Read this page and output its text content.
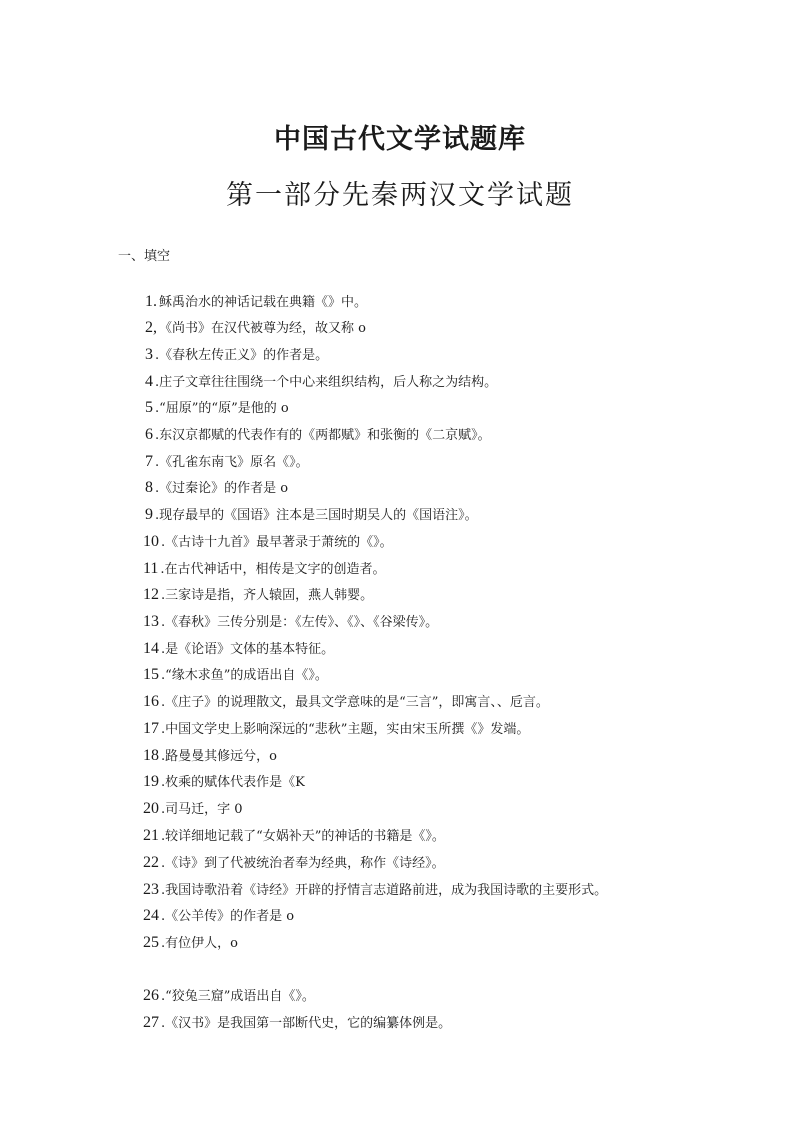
中国古代文学试题库
第一部分先秦两汉文学试题
一、填空
1. 稣禹治水的神话记载在典籍《》中。
2, 《尚书》在汉代被尊为经，故又称 o
3 .《春秋左传正义》的作者是。
4 .庄子文章往往围绕一个中心来组织结构，后人称之为结构。
5 .“屈原”的“原”是他的 o
6 .东汉京都赋的代表作有的《两都赋》和张衡的《二京赋》。
7 .《孔雀东南飞》原名《》。
8 .《过秦论》的作者是 o
9 .现存最早的《国语》注本是三国时期吴人的《国语注》。
10 .《古诗十九首》最早著录于萧统的《》。
11 .在古代神话中，相传是文字的创造者。
12 .三家诗是指，齐人辕固，燕人韩婴。
13 .《春秋》三传分别是：《左传》、《》、《谷梁传》。
14 .是《论语》文体的基本特征。
15 .“缘木求鱼”的成语出自《》。
16 .《庄子》的说理散文，最具文学意味的是“三言”，即寓言、、卮言。
17 .中国文学史上影响深远的“悲秋”主题，实由宋玉所撰《》发端。
18 .路曼曼其修远兮，o
19 .枚乘的赋体代表作是《K
20 .司马迁，字 0
21 .较详细地记载了“女娲补天”的神话的书籍是《》。
22 .《诗》到了代被统治者奉为经典，称作《诗经》。
23 .我国诗歌沿着《诗经》开辟的抒情言志道路前进，成为我国诗歌的主要形式。
24 .《公羊传》的作者是 o
25 .有位伊人，o
26 .“狡兔三窟”成语出自《》。
27 .《汉书》是我国第一部断代史，它的编纂体例是。
